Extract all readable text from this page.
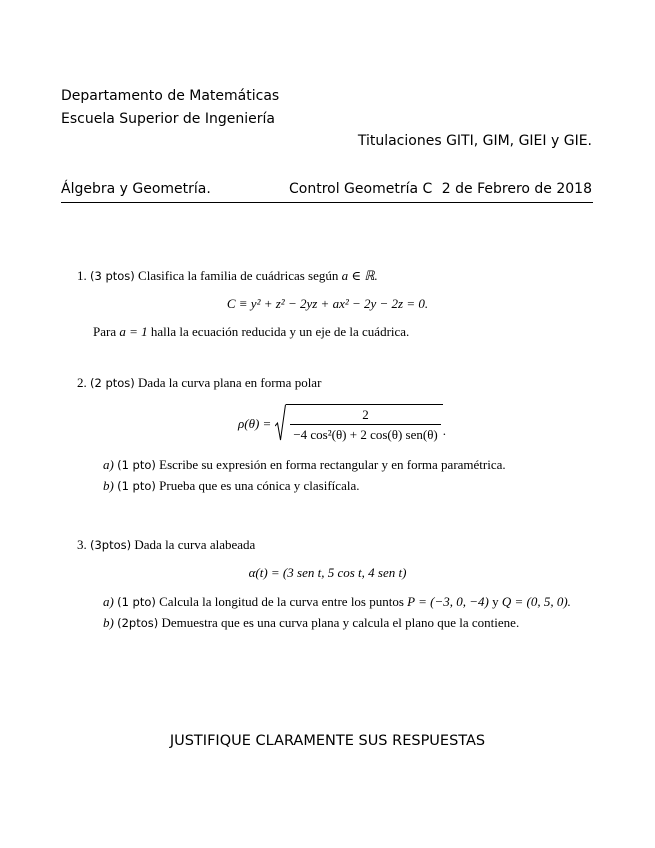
Departamento de Matemáticas
Escuela Superior de Ingeniería
Titulaciones GITI, GIM, GIEI y GIE.
Álgebra y Geometría.	Control Geometría C 2 de Febrero de 2018
1. (3 ptos) Clasifica la familia de cuádricas según a ∈ ℝ.
C ≡ y² + z² − 2yz + ax² − 2y − 2z = 0.
Para a = 1 halla la ecuación reducida y un eje de la cuádrica.
2. (2 ptos) Dada la curva plana en forma polar
$\rho(\theta) = \frac{2}{\text{−4 cos²(θ) + 2 cos(θ) sen(θ)}}$ .
a) (1 pto) Escribe su expresión en forma rectangular y en forma paramétrica.
b) (1 pto) Prueba que es una cónica y clasifícala.
3. (3ptos) Dada la curva alabeada
α(t) = (3 sen t, 5 cos t, 4 sen t)
a) (1 pto) Calcula la longitud de la curva entre los puntos P = (−3, 0, −4) y Q = (0, 5, 0).
b) (2ptos) Demuestra que es una curva plana y calcula el plano que la contiene.
JUSTIFIQUE CLARAMENTE SUS RESPUESTAS
